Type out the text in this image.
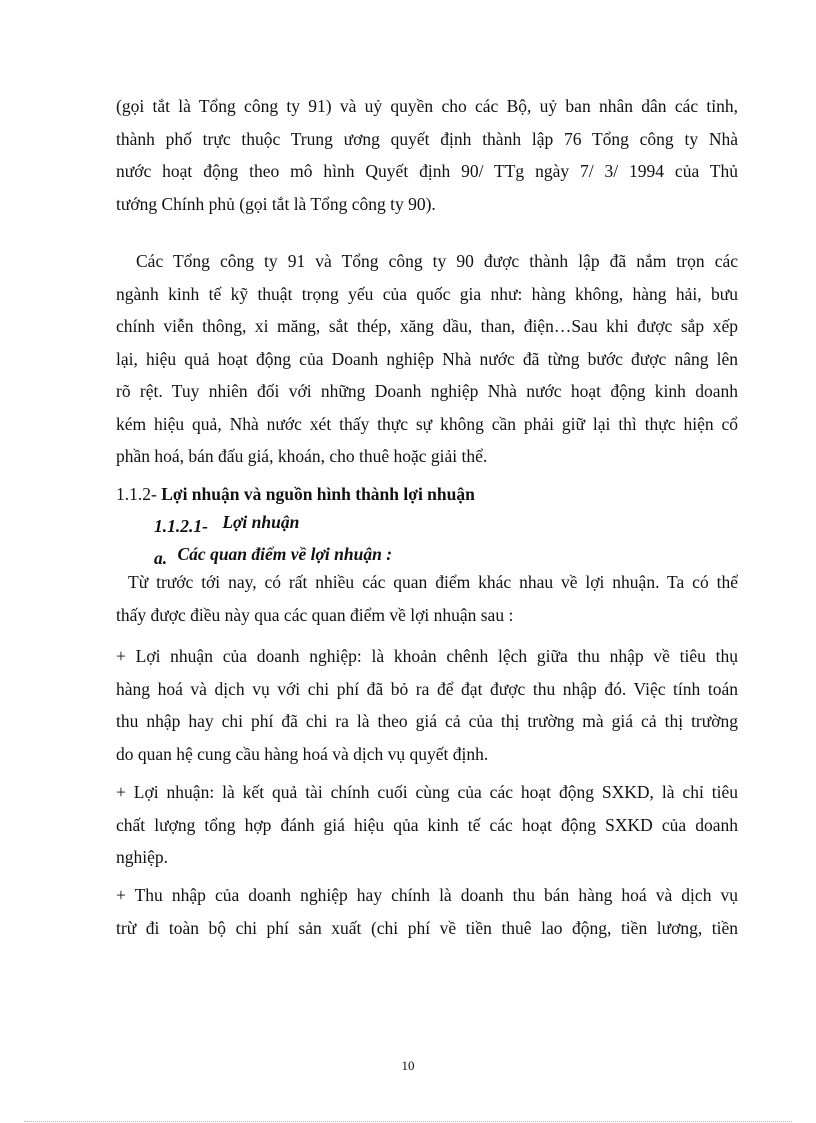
(gọi tắt là Tổng công ty 91) và uỷ quyền cho các Bộ, uỷ ban nhân dân các tỉnh,
thành phố trực thuộc Trung ương quyết định thành lập 76 Tổng công ty Nhà
nước hoạt động theo mô hình Quyết định 90/ TTg ngày 7/ 3/ 1994 của Thủ
tướng Chính phủ (gọi tắt là Tổng công ty 90).
Các Tổng công ty 91 và Tổng công ty 90 được thành lập đã nắm trọn các
ngành kinh tế kỹ thuật trọng yếu của quốc gia như: hàng không, hàng hải, bưu
chính viễn thông, xi măng, sắt thép, xăng dầu, than, điện…Sau khi được sắp xếp
lại, hiệu quả hoạt động của Doanh nghiệp Nhà nước đã từng bước được nâng lên
rõ rệt. Tuy nhiên đối với những Doanh nghiệp Nhà nước hoạt động kinh doanh
kém hiệu quả, Nhà nước xét thấy thực sự không cần phải giữ lại thì thực hiện cổ
phần hoá, bán đấu giá, khoán, cho thuê hoặc giải thể.
1.1.2- Lợi nhuận và nguồn hình thành lợi nhuận
1.1.2.1- Lợi nhuận
a. Các quan điểm về lợi nhuận :
Từ trước tới nay, có rất nhiều các quan điểm khác nhau về lợi nhuận. Ta có thể
thấy được điều này qua các quan điểm về lợi nhuận sau :
+ Lợi nhuận của doanh nghiệp: là khoản chênh lệch giữa thu nhập về tiêu thụ
hàng hoá và dịch vụ với chi phí đã bỏ ra để đạt được thu nhập đó. Việc tính toán
thu nhập hay chi phí đã chi ra là theo giá cả của thị trường mà giá cả thị trường
do quan hệ cung cầu hàng hoá và dịch vụ quyết định.
+ Lợi nhuận: là kết quả tài chính cuối cùng của các hoạt động SXKD, là chỉ tiêu
chất lượng tổng hợp đánh giá hiệu qủa kinh tế các hoạt động SXKD của doanh
nghiệp.
+ Thu nhập của doanh nghiệp hay chính là doanh thu bán hàng hoá và dịch vụ
trừ đi toàn bộ chi phí sản xuất (chi phí về tiền thuê lao động, tiền lương, tiền
10
